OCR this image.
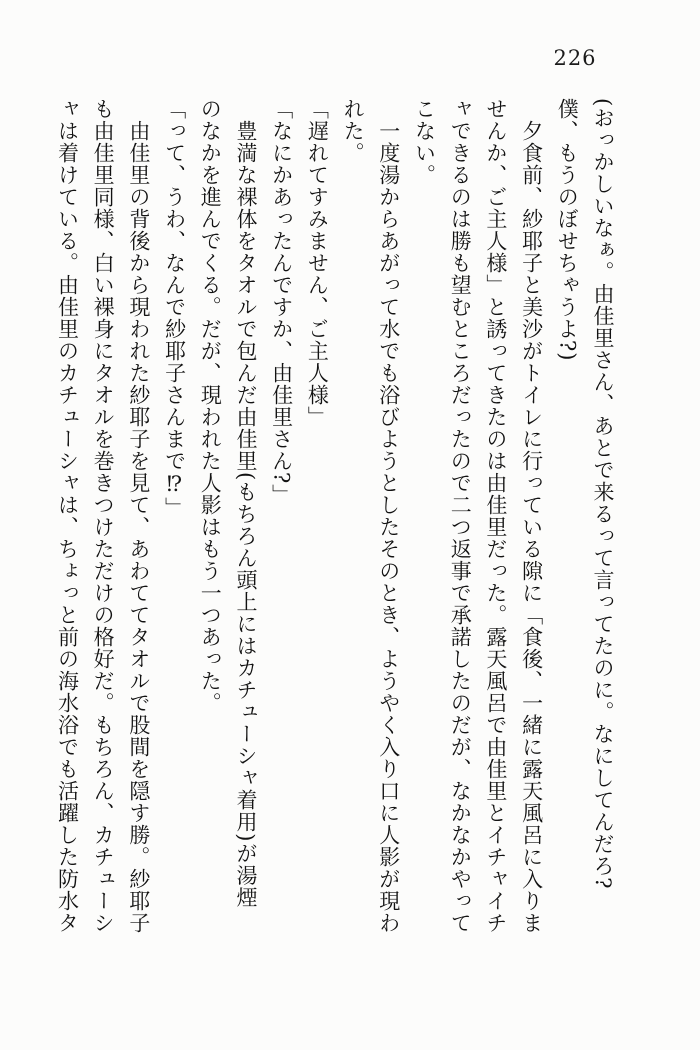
226

(おっかしいなぁ。由佳里さん、あとで来るって言ってたのに。なにしてんだろ?

僕、もうのぼせちゃうよ?)

夕食前、紗耶子と美沙がトイレに行っている隙に「食後、一緒に露天風呂に入りま

せんか、ご主人様」と誘ってきたのは由佳里だった。露天風呂で由佳里とイチャイチ

ャできるのは勝も望むところだったので二つ返事で承諾したのだが、なかなかやって

こない。

一度湯からあがって水でも浴びようとしたそのとき、ようやく入り口に人影が現わ

れた。

「遅れてすみません、ご主人様」

「なにかあったんですか、由佳里さん?」

豊満な裸体をタオルで包んだ由佳里(もちろん頭上にはカチューシャ着用)が湯煙

のなかを進んでくる。だが、現われた人影はもう一つあった。

「って、うわ、なんで紗耶子さんまで⁉」

由佳里の背後から現われた紗耶子を見て、あわててタオルで股間を隠す勝。紗耶子

も由佳里同様、白い裸身にタオルを巻きつけただけの格好だ。もちろん、カチューシ

ャは着けている。由佳里のカチューシャは、ちょっと前の海水浴でも活躍した防水タ
